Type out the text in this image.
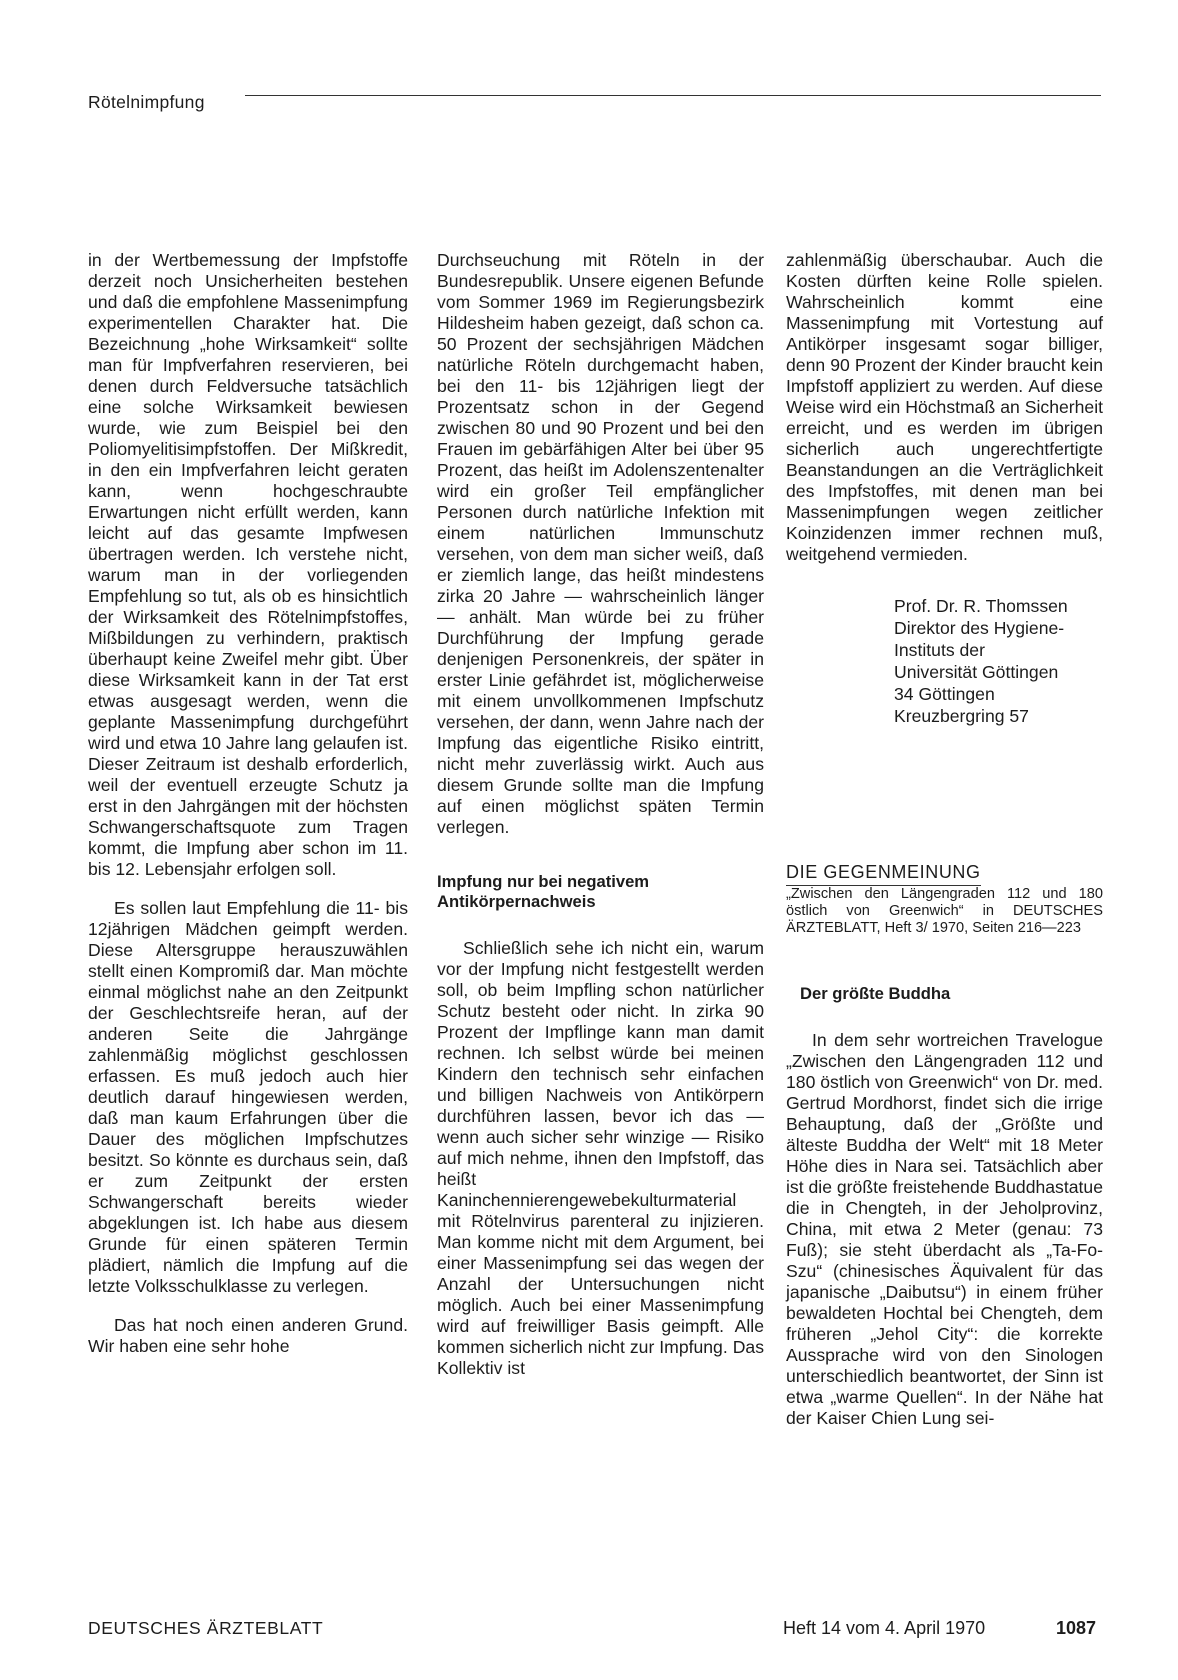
Rötelnimpfung

in der Wertbemessung der Impfstoffe derzeit noch Unsicherheiten bestehen und daß die empfohlene Massenimpfung experimentellen Charakter hat. Die Bezeichnung „hohe Wirksamkeit“ sollte man für Impfverfahren reservieren, bei denen durch Feldversuche tatsächlich eine solche Wirksamkeit bewiesen wurde, wie zum Beispiel bei den Poliomyelitisimpfstoffen. Der Mißkredit, in den ein Impfverfahren leicht geraten kann, wenn hochgeschraubte Erwartungen nicht erfüllt werden, kann leicht auf das gesamte Impfwesen übertragen werden. Ich verstehe nicht, warum man in der vorliegenden Empfehlung so tut, als ob es hinsichtlich der Wirksamkeit des Rötelnimpfstoffes, Mißbildungen zu verhindern, praktisch überhaupt keine Zweifel mehr gibt. Über diese Wirksamkeit kann in der Tat erst etwas ausgesagt werden, wenn die geplante Massenimpfung durchgeführt wird und etwa 10 Jahre lang gelaufen ist. Dieser Zeitraum ist deshalb erforderlich, weil der eventuell erzeugte Schutz ja erst in den Jahrgängen mit der höchsten Schwangerschaftsquote zum Tragen kommt, die Impfung aber schon im 11. bis 12. Lebensjahr erfolgen soll.

Es sollen laut Empfehlung die 11- bis 12jährigen Mädchen geimpft werden. Diese Altersgruppe herauszuwählen stellt einen Kompromiß dar. Man möchte einmal möglichst nahe an den Zeitpunkt der Geschlechtsreife heran, auf der anderen Seite die Jahrgänge zahlenmäßig möglichst geschlossen erfassen. Es muß jedoch auch hier deutlich darauf hingewiesen werden, daß man kaum Erfahrungen über die Dauer des möglichen Impfschutzes besitzt. So könnte es durchaus sein, daß er zum Zeitpunkt der ersten Schwangerschaft bereits wieder abgeklungen ist. Ich habe aus diesem Grunde für einen späteren Termin plädiert, nämlich die Impfung auf die letzte Volksschulklasse zu verlegen.

Das hat noch einen anderen Grund. Wir haben eine sehr hohe

Durchseuchung mit Röteln in der Bundesrepublik. Unsere eigenen Befunde vom Sommer 1969 im Regierungsbezirk Hildesheim haben gezeigt, daß schon ca. 50 Prozent der sechsjährigen Mädchen natürliche Röteln durchgemacht haben, bei den 11- bis 12jährigen liegt der Prozentsatz schon in der Gegend zwischen 80 und 90 Prozent und bei den Frauen im gebärfähigen Alter bei über 95 Prozent, das heißt im Adolenszentenalter wird ein großer Teil empfänglicher Personen durch natürliche Infektion mit einem natürlichen Immunschutz versehen, von dem man sicher weiß, daß er ziemlich lange, das heißt mindestens zirka 20 Jahre — wahrscheinlich länger — anhält. Man würde bei zu früher Durchführung der Impfung gerade denjenigen Personenkreis, der später in erster Linie gefährdet ist, möglicherweise mit einem unvollkommenen Impfschutz versehen, der dann, wenn Jahre nach der Impfung das eigentliche Risiko eintritt, nicht mehr zuverlässig wirkt. Auch aus diesem Grunde sollte man die Impfung auf einen möglichst späten Termin verlegen.

Impfung nur bei negativem Antikörpernachweis

Schließlich sehe ich nicht ein, warum vor der Impfung nicht festgestellt werden soll, ob beim Impfling schon natürlicher Schutz besteht oder nicht. In zirka 90 Prozent der Impflinge kann man damit rechnen. Ich selbst würde bei meinen Kindern den technisch sehr einfachen und billigen Nachweis von Antikörpern durchführen lassen, bevor ich das — wenn auch sicher sehr winzige — Risiko auf mich nehme, ihnen den Impfstoff, das heißt Kaninchennierengewebekulturmaterial mit Rötelnvirus parenteral zu injizieren. Man komme nicht mit dem Argument, bei einer Massenimpfung sei das wegen der Anzahl der Untersuchungen nicht möglich. Auch bei einer Massenimpfung wird auf freiwilliger Basis geimpft. Alle kommen sicherlich nicht zur Impfung. Das Kollektiv ist

zahlenmäßig überschaubar. Auch die Kosten dürften keine Rolle spielen. Wahrscheinlich kommt eine Massenimpfung mit Vortestung auf Antikörper insgesamt sogar billiger, denn 90 Prozent der Kinder braucht kein Impfstoff appliziert zu werden. Auf diese Weise wird ein Höchstmaß an Sicherheit erreicht, und es werden im übrigen sicherlich auch ungerechtfertigte Beanstandungen an die Verträglichkeit des Impfstoffes, mit denen man bei Massenimpfungen wegen zeitlicher Koinzidenzen immer rechnen muß, weitgehend vermieden.

Prof. Dr. R. Thomssen
Direktor des Hygiene-
Instituts der
Universität Göttingen
34 Göttingen
Kreuzbergring 57
DIE GEGENMEINUNG

„Zwischen den Längengraden 112 und 180 östlich von Greenwich“ in DEUTSCHES ÄRZTEBLATT, Heft 3/ 1970, Seiten 216—223

Der größte Buddha

In dem sehr wortreichen Travelogue „Zwischen den Längengraden 112 und 180 östlich von Greenwich“ von Dr. med. Gertrud Mordhorst, findet sich die irrige Behauptung, daß der „Größte und älteste Buddha der Welt“ mit 18 Meter Höhe dies in Nara sei. Tatsächlich aber ist die größte freistehende Buddhastatue die in Chengteh, in der Jeholprovinz, China, mit etwa 2 Meter (genau: 73 Fuß); sie steht überdacht als „Ta-Fo-Szu“ (chinesisches Äquivalent für das japanische „Daibutsu“) in einem früher bewaldeten Hochtal bei Chengteh, dem früheren „Jehol City“: die korrekte Aussprache wird von den Sinologen unterschiedlich beantwortet, der Sinn ist etwa „warme Quellen“. In der Nähe hat der Kaiser Chien Lung sei-

DEUTSCHES ÄRZTEBLATT	Heft 14 vom 4. April 1970	1087
